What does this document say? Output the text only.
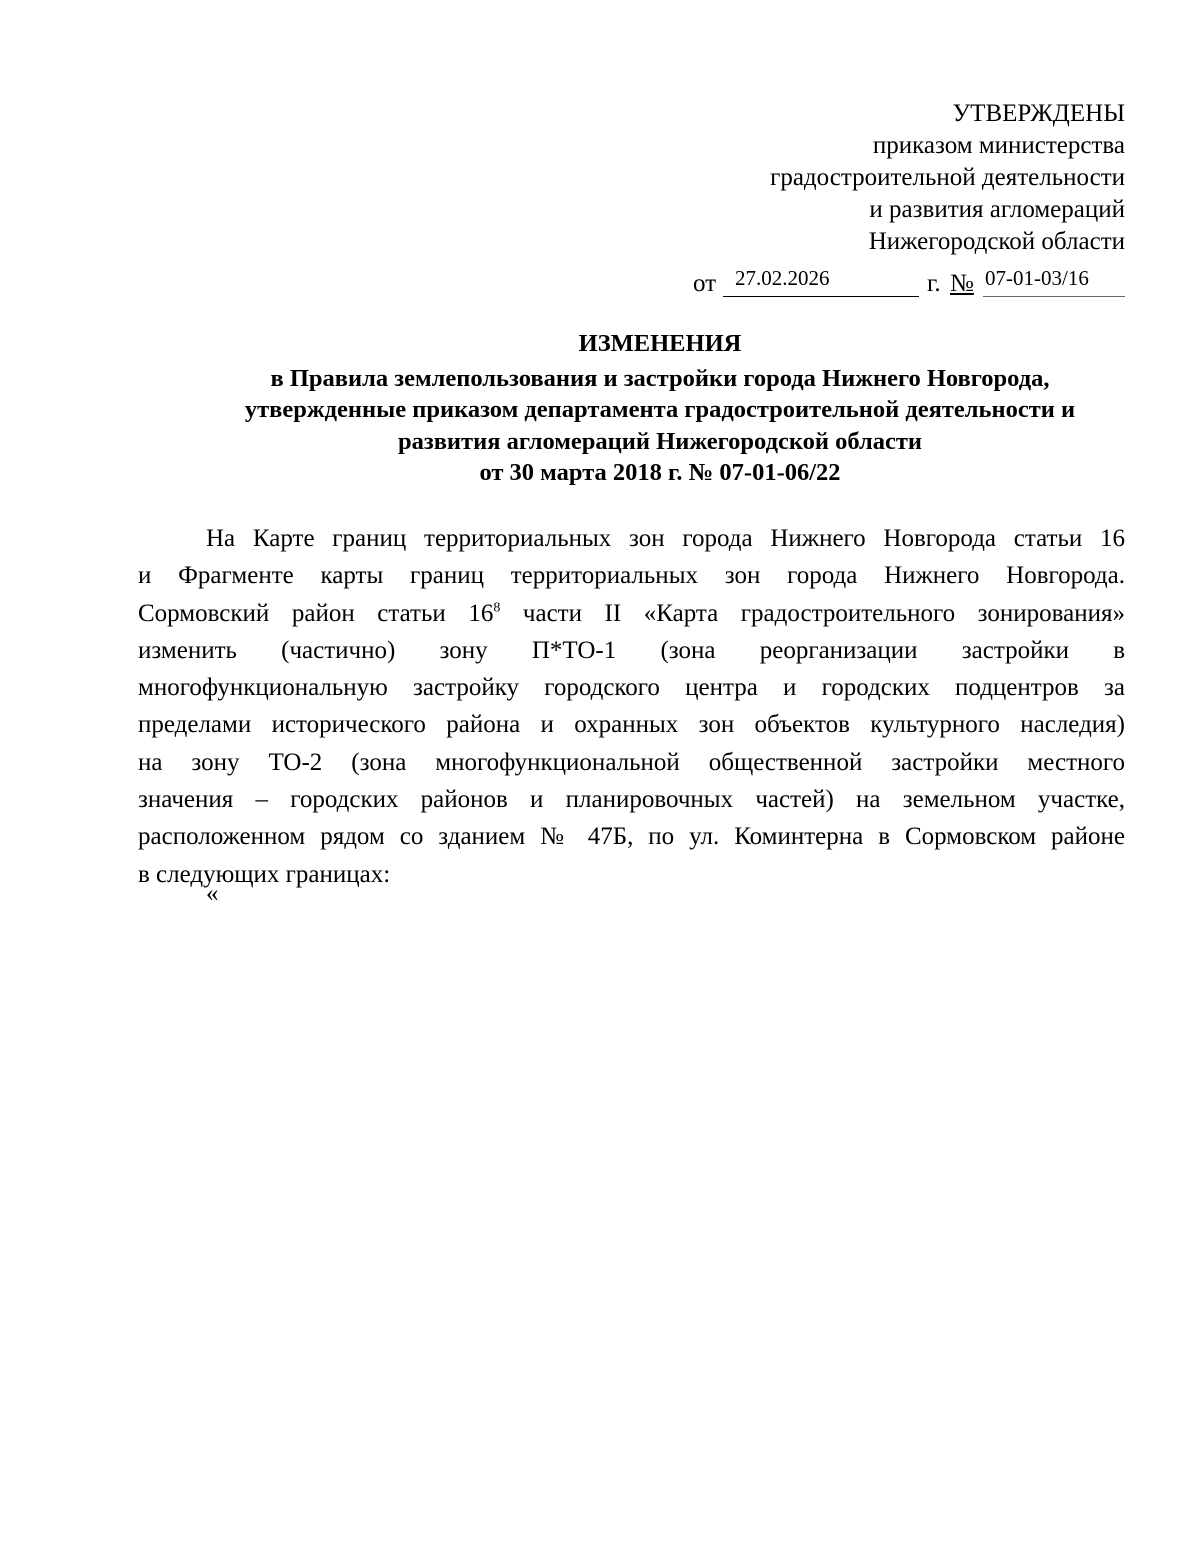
УТВЕРЖДЕНЫ
приказом министерства
градостроительной деятельности
и развития агломераций
Нижегородской области
от 27.02.2026	г. № 07-01-03/16
ИЗМЕНЕНИЯ
в Правила землепользования и застройки города Нижнего Новгорода,
утвержденные приказом департамента градостроительной деятельности и
развития агломераций Нижегородской области
от 30 марта 2018 г. № 07-01-06/22
На Карте границ территориальных зон города Нижнего Новгорода статьи 16
и Фрагменте карты границ территориальных зон города Нижнего Новгорода.
Сормовский район статьи $16^8$ части II «Карта градостроительного зонирования»
изменить (частично) зону П*ТО-1 (зона реорганизации застройки в
многофункциональную застройку городского центра и городских подцентров за
пределами исторического района и охранных зон объектов культурного наследия)
на зону ТО-2 (зона многофункциональной общественной застройки местного
значения – городских районов и планировочных частей) на земельном участке,
расположенном рядом со зданием № 47Б, по ул. Коминтерна в Сормовском районе
в следующих границах:
«
